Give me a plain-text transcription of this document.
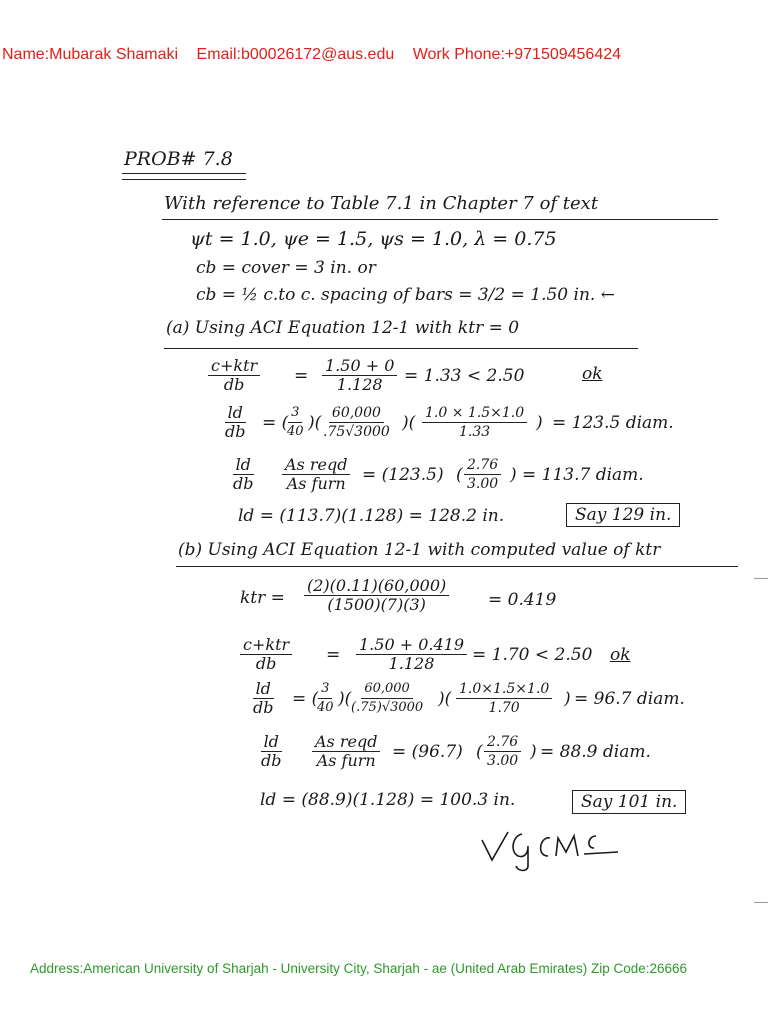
Name:Mubarak Shamaki Email:b00026172@aus.edu Work Phone:+971509456424
PROB# 7.8
With reference to Table 7.1 in Chapter 7 of text
ψt = 1.0, ψe = 1.5, ψs = 1.0, λ = 0.75
cb = cover = 3 in. or
cb = ½ c.to c. spacing of bars = 3/2 = 1.50 in. ←
(a) Using ACI Equation 12-1 with ktr = 0
c+ktr
db	= $\frac{1.50 + 0}{1.128} = 1.33 < 2.50$	ok
$\frac{ld}{db}$ = (
$\frac{3}{40}$ )(
$\frac{60,000}{.75√3000}$ )( $\frac{1.0 \times 1.5\times 1.0}{1.33}$ ) = 123.5 diam.
$\frac{ld}{db}$ As reqd
As furn = (123.5) ( $\frac{2.76}{3.00}$ ) = 113.7 diam.
ld = (113.7)(1.128) = 128.2 in.	Say 129 in.
(b) Using ACI Equation 12-1 with computed value of ktr
ktr = $\frac{(2)(0.11)(60,000)}{(1500)(7)(3)} = 0.419$
c+ktr
db	= $\frac{1.50 + 0.419}{1.128} = 1.70 < 2.50$ ok
$\frac{ld}{db}$ = (
$\frac{3}{40}$ )(
$\frac{60,000}{(.75)√3000}$ )( $\frac{1.0\times 1.5\times 1.0}{1.70}$ ) = 96.7 diam.
$\frac{ld}{db}$ As reqd
As furn = (96.7) ( $\frac{2.76}{3.00}$ ) = 88.9 diam.
ld = (88.9)(1.128) = 100.3 in.	Say 101 in.
Address:American University of Sharjah - University City, Sharjah - ae (United Arab Emirates) Zip Code:26666
